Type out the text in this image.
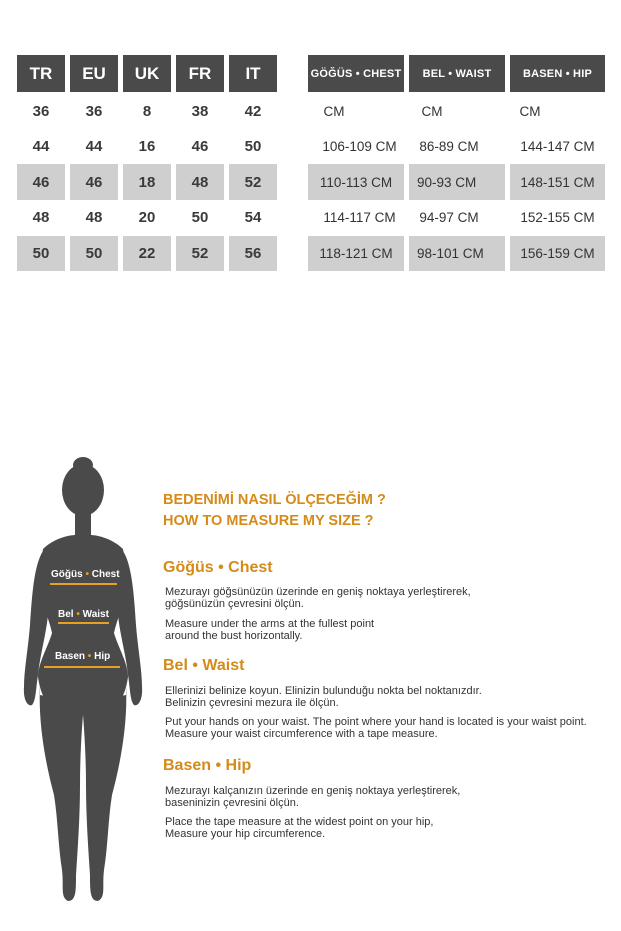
TR	EU	UK	FR	IT
36	36	8	38	42
44	44	16	46	50
46	46	18	48	52
48	48	20	50	54
50	50	22	52	56
GÖĞÜS • CHEST	BEL • WAIST	BASEN • HIP
CM	CM	CM
106-109 CM	86-89 CM	144-147 CM
110-113 CM	90-93 CM	148-151 CM
114-117 CM	94-97 CM	152-155 CM
118-121 CM	98-101 CM	156-159 CM
Göğüs • Chest
Bel • Waist
Basen • Hip
BEDENİMİ NASIL ÖLÇECEĞİM ?
HOW TO MEASURE MY SIZE ?
Göğüs • Chest
Mezurayı göğsünüzün üzerinde en geniş noktaya yerleştirerek,
göğsünüzün çevresini ölçün.
Measure under the arms at the fullest point
around the bust horizontally.
Bel • Waist
Ellerinizi belinize koyun. Elinizin bulunduğu nokta bel noktanızdır.
Belinizin çevresini mezura ile ölçün.
Put your hands on your waist. The point where your hand is located is your waist point.
Measure your waist circumference with a tape measure.
Basen • Hip
Mezurayı kalçanızın üzerinde en geniş noktaya yerleştirerek,
baseninizin çevresini ölçün.
Place the tape measure at the widest point on your hip,
Measure your hip circumference.
